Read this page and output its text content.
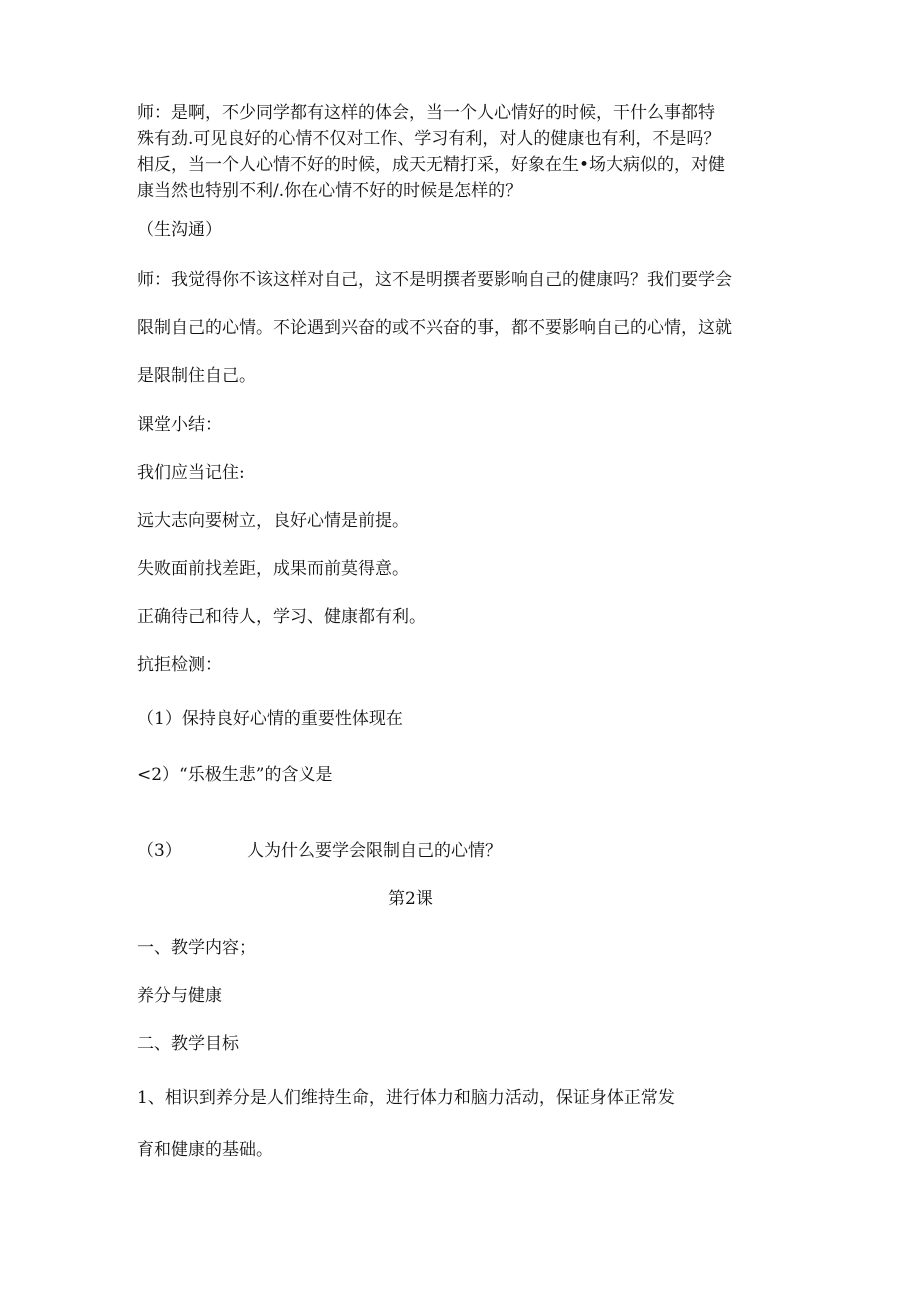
师：是啊，不少同学都有这样的体会，当一个人心情好的时候，干什么事都特
殊有劲.可见良好的心情不仅对工作、学习有利，对人的健康也有利，不是吗？
相反，当一个人心情不好的时候，成天无精打采，好象在生•场大病似的，对健
康当然也特别不利/.你在心情不好的时候是怎样的？
（生沟通）
师：我觉得你不该这样对自己，这不是明撰者要影响自己的健康吗？我们要学会
限制自己的心情。不论遇到兴奋的或不兴奋的事，都不要影响自己的心情，这就
是限制住自己。
课堂小结：
我们应当记住:
远大志向要树立，良好心情是前提。
失败面前找差距，成果而前莫得意。
正确待己和待人，学习、健康都有利。
抗拒检测：
（1）保持良好心情的重要性体现在
<2）“乐极生悲”的含义是
（3）	人为什么要学会限制自己的心情？
第2课
一、教学内容；
养分与健康
二、教学目标
1、相识到养分是人们维持生命，进行体力和脑力活动，保证身体正常发
育和健康的基础。
